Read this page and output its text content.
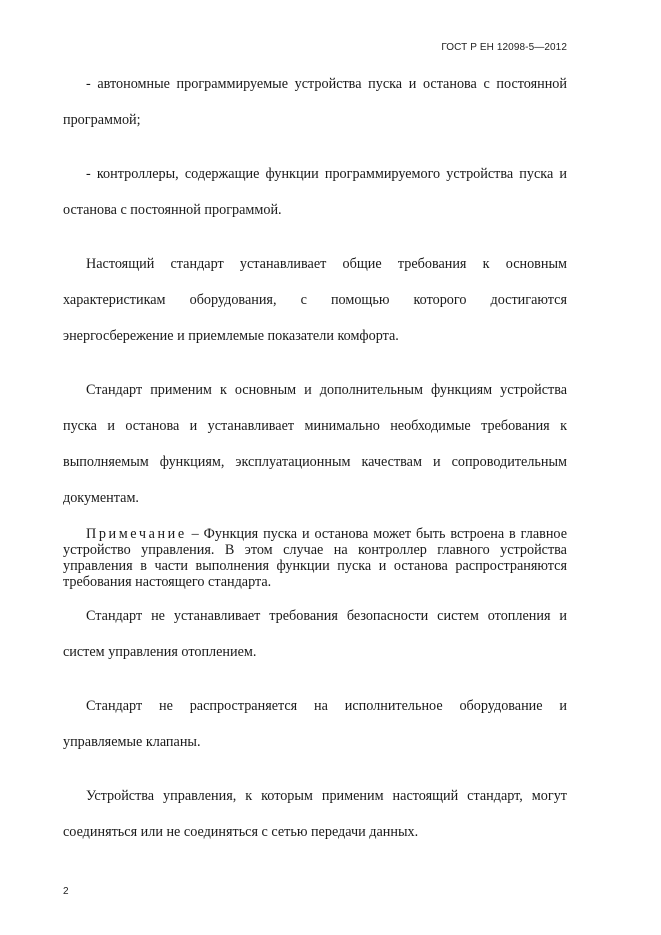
ГОСТ Р ЕН 12098-5—2012

- автономные программируемые устройства пуска и останова с постоянной программой;

- контроллеры, содержащие функции программируемого устройства пуска и останова с постоянной программой.

Настоящий стандарт устанавливает общие требования к основным характеристикам оборудования, с помощью которого достигаются энергосбережение и приемлемые показатели комфорта.

Стандарт применим к основным и дополнительным функциям устройства пуска и останова и устанавливает минимально необходимые требования к выполняемым функциям, эксплуатационным качествам и сопроводительным документам.

Примечание – Функция пуска и останова может быть встроена в главное устройство управления. В этом случае на контроллер главного устройства управления в части выполнения функции пуска и останова распространяются требования настоящего стандарта.

Стандарт не устанавливает требования безопасности систем отопления и систем управления отоплением.

Стандарт не распространяется на исполнительное оборудование и управляемые клапаны.

Устройства управления, к которым применим настоящий стандарт, могут соединяться или не соединяться с сетью передачи данных.

2
